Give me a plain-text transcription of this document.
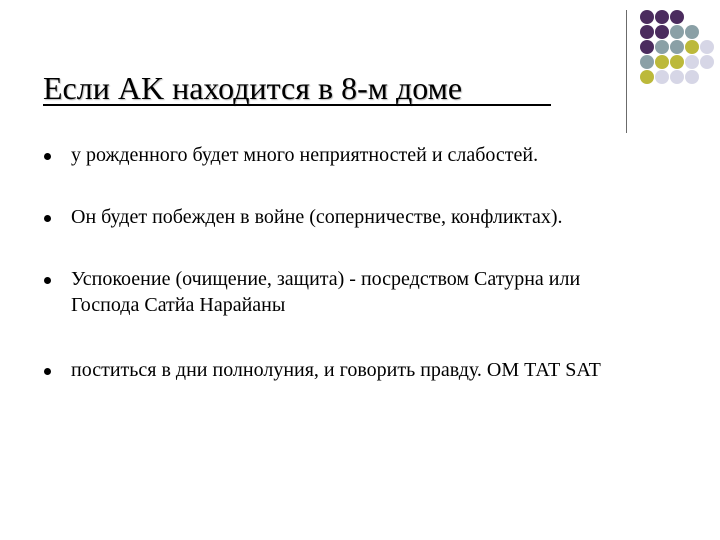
Если AK находится в 8-м доме
у рожденного будет много неприятностей и слабостей.
Он будет побежден в войне (соперничестве, конфликтах).
Успокоение (очищение, защита) - посредством Сатурна или Господа Сатйа Нарайаны
поститься в дни полнолуния, и говорить правду. ОМ ТАТ SAT
